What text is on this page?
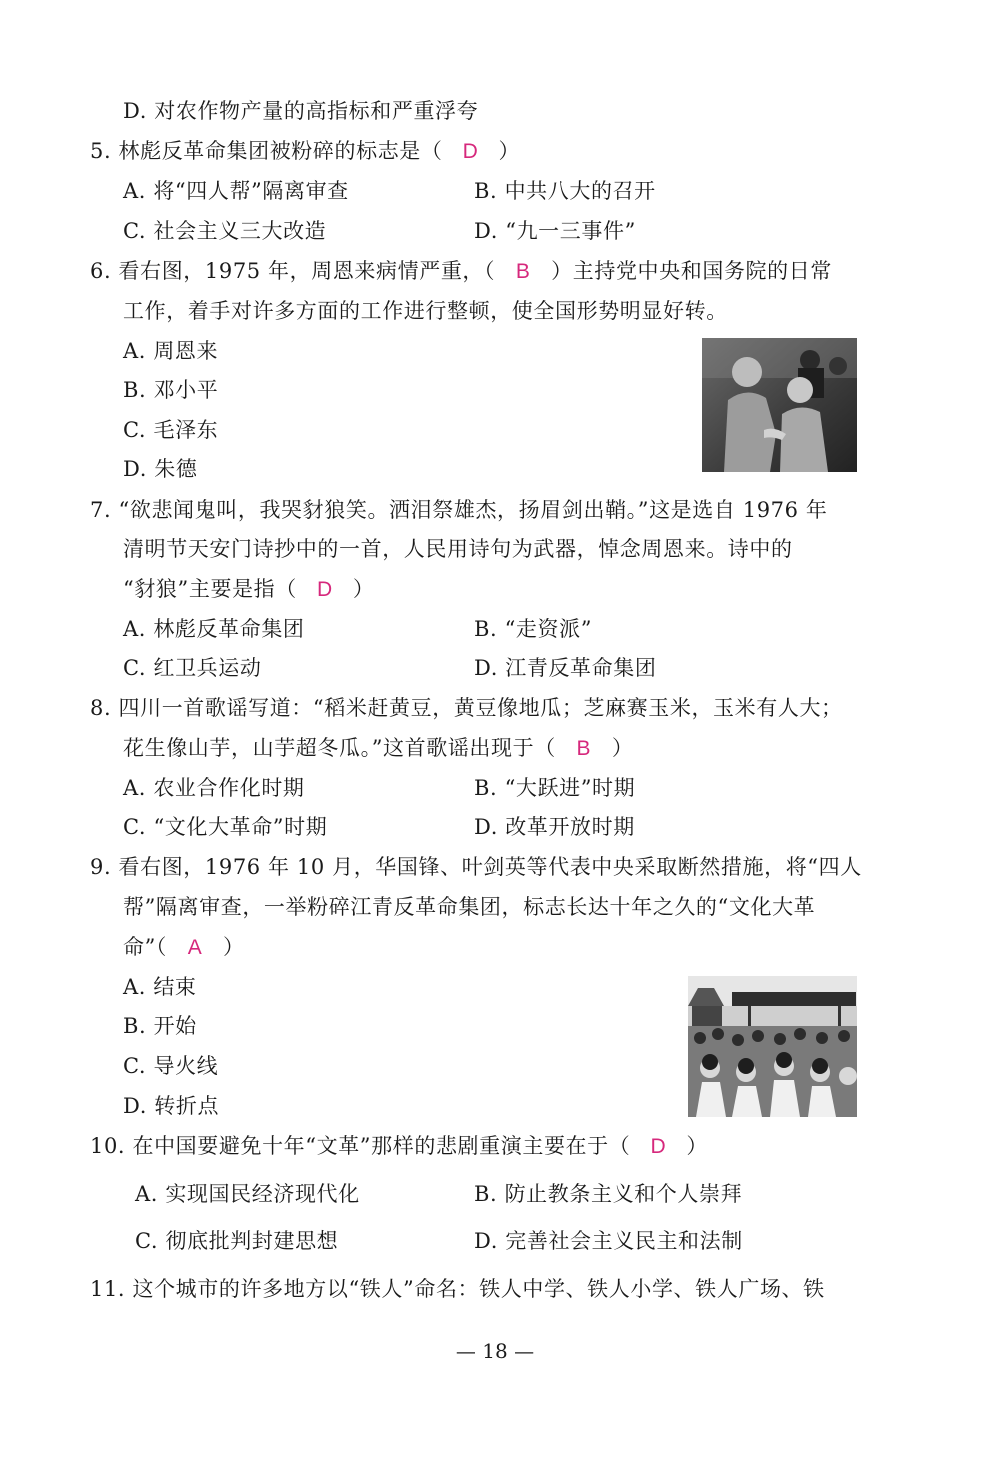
D. 对农作物产量的高指标和严重浮夸
5. 林彪反革命集团被粉碎的标志是（ D ）
A. 将“四人帮”隔离审查	B. 中共八大的召开
C. 社会主义三大改造	D. “九一三事件”
6. 看右图，1975 年，周恩来病情严重，（ B ）主持党中央和国务院的日常
工作，着手对许多方面的工作进行整顿，使全国形势明显好转。
A. 周恩来
B. 邓小平
C. 毛泽东
D. 朱德
7. “欲悲闻鬼叫，我哭豺狼笑。洒泪祭雄杰，扬眉剑出鞘。”这是选自 1976 年
清明节天安门诗抄中的一首，人民用诗句为武器，悼念周恩来。诗中的
“豺狼”主要是指（ D ）
A. 林彪反革命集团	B. “走资派”
C. 红卫兵运动	D. 江青反革命集团
8. 四川一首歌谣写道：“稻米赶黄豆，黄豆像地瓜；芝麻赛玉米，玉米有人大；
花生像山芋，山芋超冬瓜。”这首歌谣出现于（ B ）
A. 农业合作化时期	B. “大跃进”时期
C. “文化大革命”时期	D. 改革开放时期
9. 看右图，1976 年 10 月，华国锋、叶剑英等代表中央采取断然措施，将“四人
帮”隔离审查，一举粉碎江青反革命集团，标志长达十年之久的“文化大革
命”（ A ）
A. 结束
B. 开始
C. 导火线
D. 转折点
10. 在中国要避免十年“文革”那样的悲剧重演主要在于（ D ）
A. 实现国民经济现代化	B. 防止教条主义和个人崇拜
C. 彻底批判封建思想	D. 完善社会主义民主和法制
11. 这个城市的许多地方以“铁人”命名：铁人中学、铁人小学、铁人广场、铁
— 18 —
